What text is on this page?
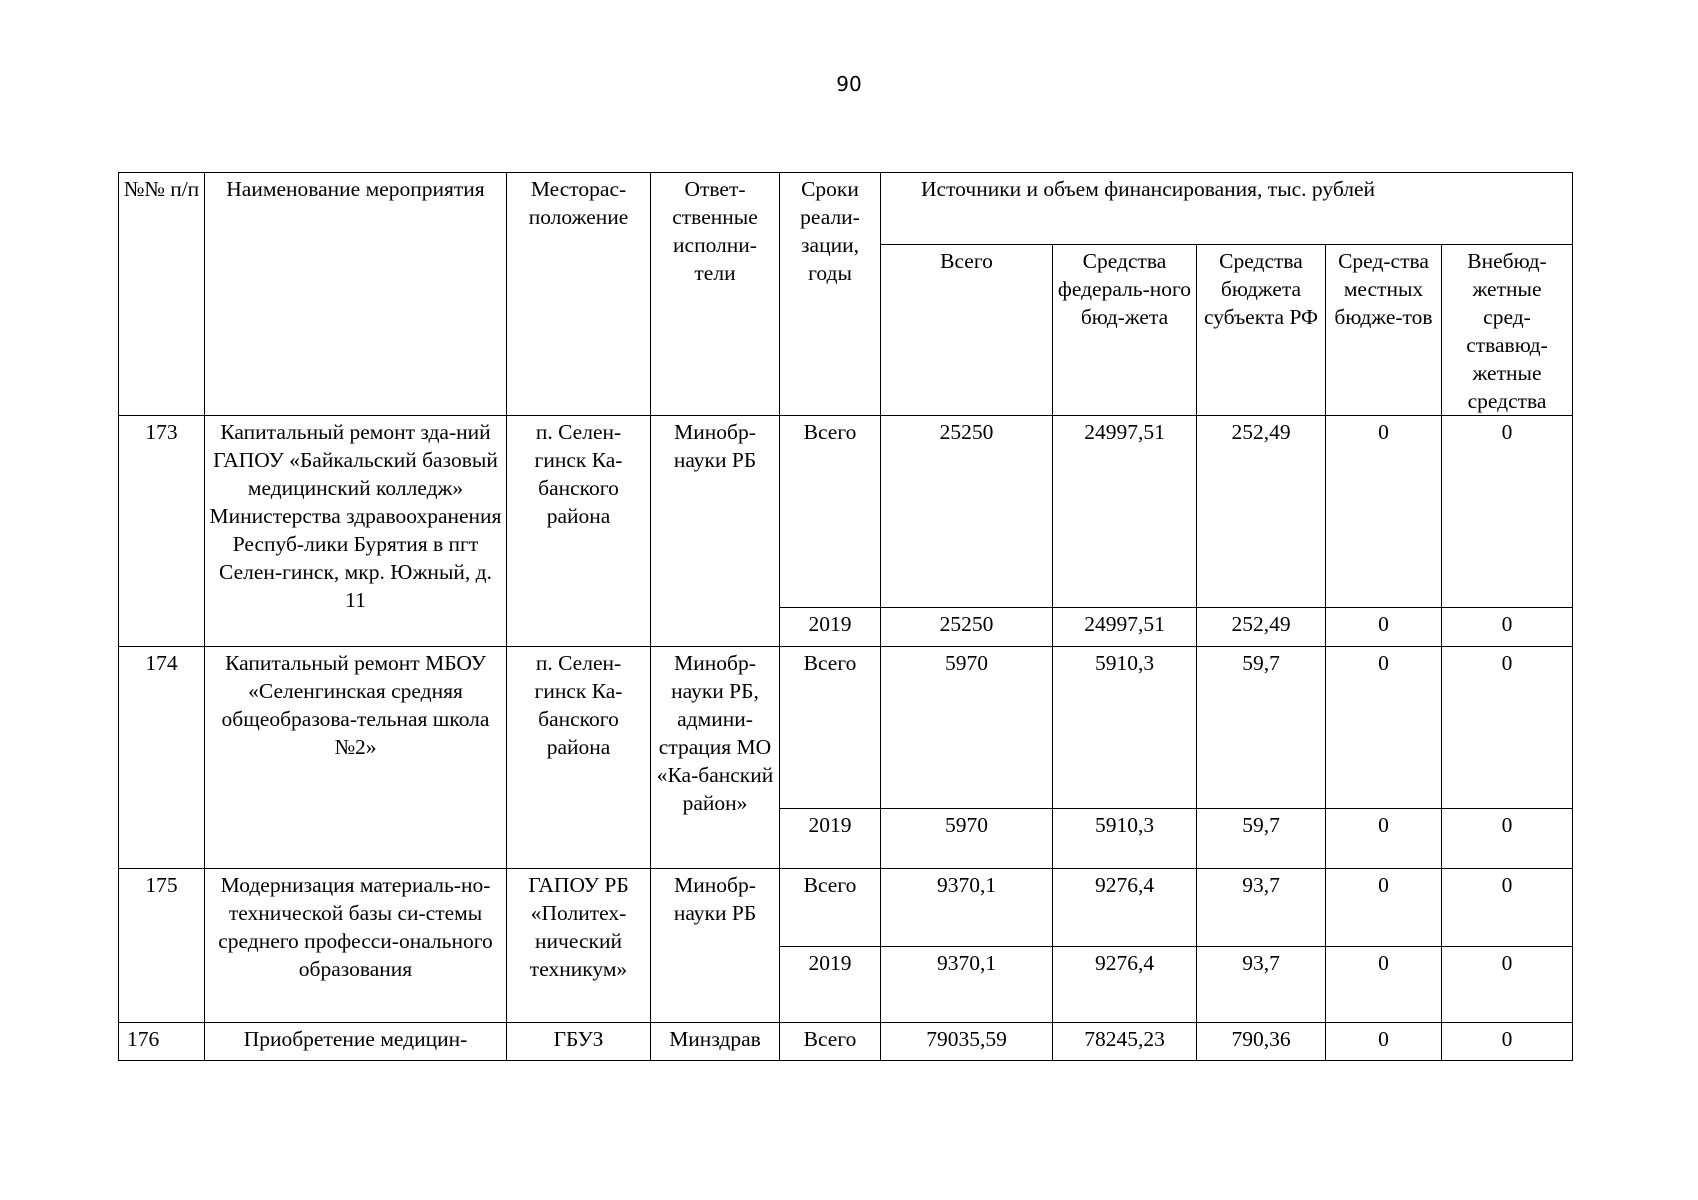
90
№№ п/п	Наименование мероприятия	Месторас-положение	Ответ-ственные исполни-тели	Сроки реали-зации, годы	Источники и объем финансирования, тыс. рублей				
					Всего	Средства федераль-ного бюд-жета	Средства бюджета субъекта РФ	Сред-ства местных бюдже-тов	Внебюд-жетные сред-ствавюд-жетные средства
173	Капитальный ремонт зда-ний ГАПОУ «Байкальский базовый медицинский колледж» Министерства здравоохранения Респуб-лики Бурятия в пгт Селен-гинск, мкр. Южный, д. 11	п. Селен-гинск Ка-банского района	Минобр-науки РБ	Всего	25250	24997,51	252,49	0	0
				2019	25250	24997,51	252,49	0	0
174	Капитальный ремонт МБОУ «Селенгинская средняя общеобразова-тельная школа №2»	п. Селен-гинск Ка-банского района	Минобр-науки РБ, админи-страция МО «Ка-банский район»	Всего	5970	5910,3	59,7	0	0
				2019	5970	5910,3	59,7	0	0
175	Модернизация материаль-но-технической базы си-стемы среднего професси-онального образования	ГАПОУ РБ «Политех-нический техникум»	Минобр-науки РБ	Всего	9370,1	9276,4	93,7	0	0
				2019	9370,1	9276,4	93,7	0	0
176	Приобретение медицин-	ГБУЗ	Минздрав	Всего	79035,59	78245,23	790,36	0	0
